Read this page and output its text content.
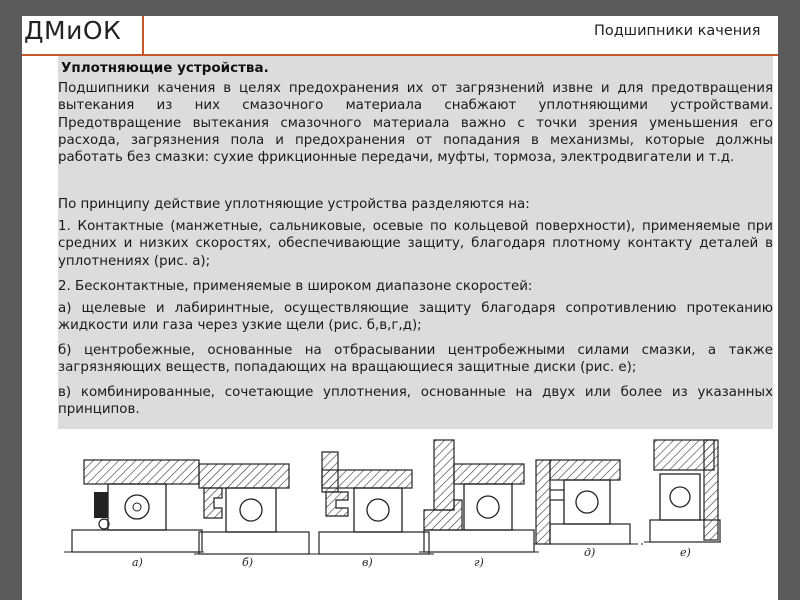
ДМиОК	Подшипники качения
Уплотняющие устройства.
Подшипники качения в целях предохранения их от загрязнений извне и для предотвращения вытекания из них смазочного материала снабжают уплотняющими устройствами. Предотвращение вытекания смазочного материала важно с точки зрения уменьшения его расхода, загрязнения пола и предохранения от попадания в механизмы, которые должны работать без смазки: сухие фрикционные передачи, муфты, тормоза, электродвигатели и т.д.
По принципу действие уплотняющие устройства разделяются на:
1. Контактные (манжетные, сальниковые, осевые по кольцевой поверхности), применяемые при средних и низких скоростях, обеспечивающие защиту, благодаря плотному контакту деталей в уплотнениях (рис. а);
2. Бесконтактные, применяемые в широком диапазоне скоростей:
а) щелевые и лабиринтные, осуществляющие защиту благодаря сопротивлению протеканию жидкости или газа через узкие щели (рис. б,в,г,д);
б) центробежные, основанные на отбрасывании центробежными силами смазки, а также загрязняющих веществ, попадающих на вращающиеся защитные диски (рис. е);
в) комбинированные, сочетающие уплотнения, основанные на двух или более из указанных принципов.
а)	б)	в)	г)
д)	е)
